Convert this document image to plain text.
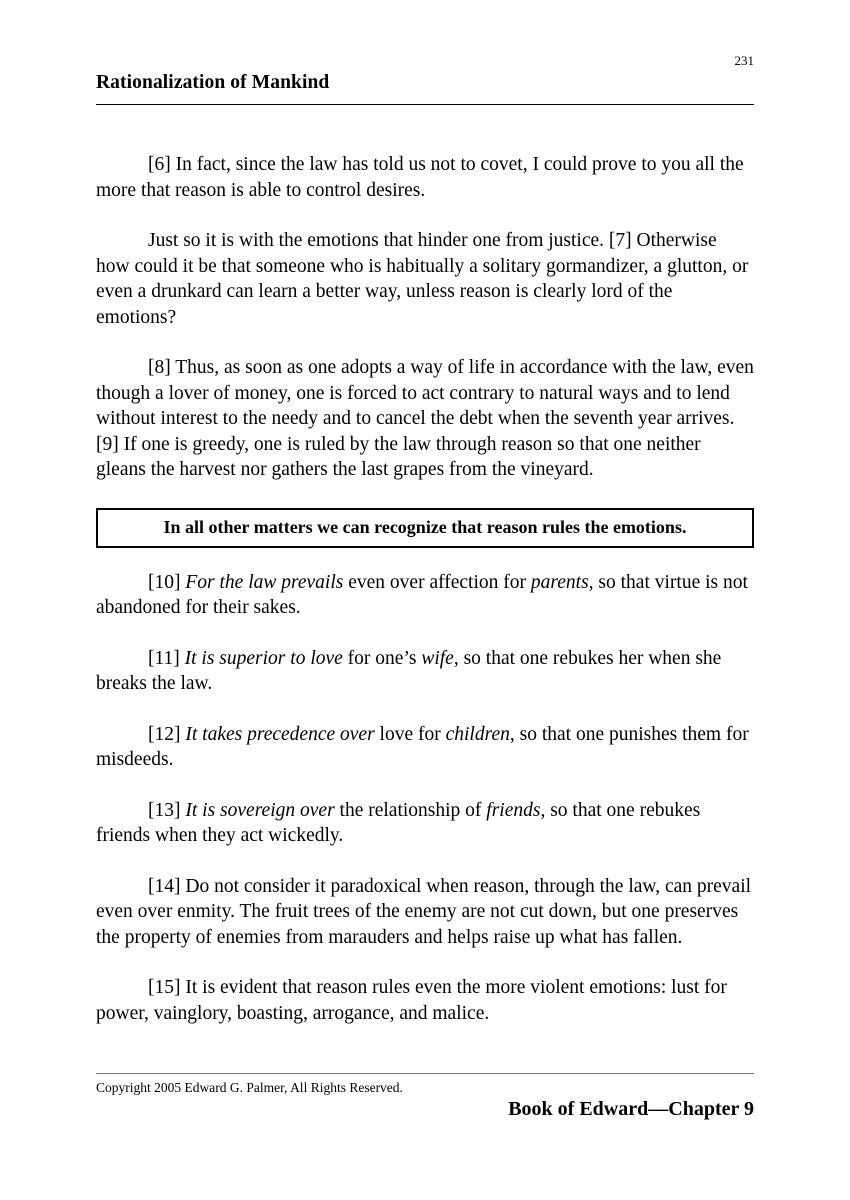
231
Rationalization of Mankind

[6] In fact, since the law has told us not to covet, I could prove to you all the more that reason is able to control desires.

Just so it is with the emotions that hinder one from justice. [7] Otherwise how could it be that someone who is habitually a solitary gormandizer, a glutton, or even a drunkard can learn a better way, unless reason is clearly lord of the emotions?

[8] Thus, as soon as one adopts a way of life in accordance with the law, even though a lover of money, one is forced to act contrary to natural ways and to lend without interest to the needy and to cancel the debt when the seventh year arrives. [9] If one is greedy, one is ruled by the law through reason so that one neither gleans the harvest nor gathers the last grapes from the vineyard.

In all other matters we can recognize that reason rules the emotions.

[10] For the law prevails even over affection for parents, so that virtue is not abandoned for their sakes.

[11] It is superior to love for one’s wife, so that one rebukes her when she breaks the law.

[12] It takes precedence over love for children, so that one punishes them for misdeeds.

[13] It is sovereign over the relationship of friends, so that one rebukes friends when they act wickedly.

[14] Do not consider it paradoxical when reason, through the law, can prevail even over enmity. The fruit trees of the enemy are not cut down, but one preserves the property of enemies from marauders and helps raise up what has fallen.

[15] It is evident that reason rules even the more violent emotions: lust for power, vainglory, boasting, arrogance, and malice.

Copyright 2005 Edward G. Palmer, All Rights Reserved.
Book of Edward—Chapter 9
